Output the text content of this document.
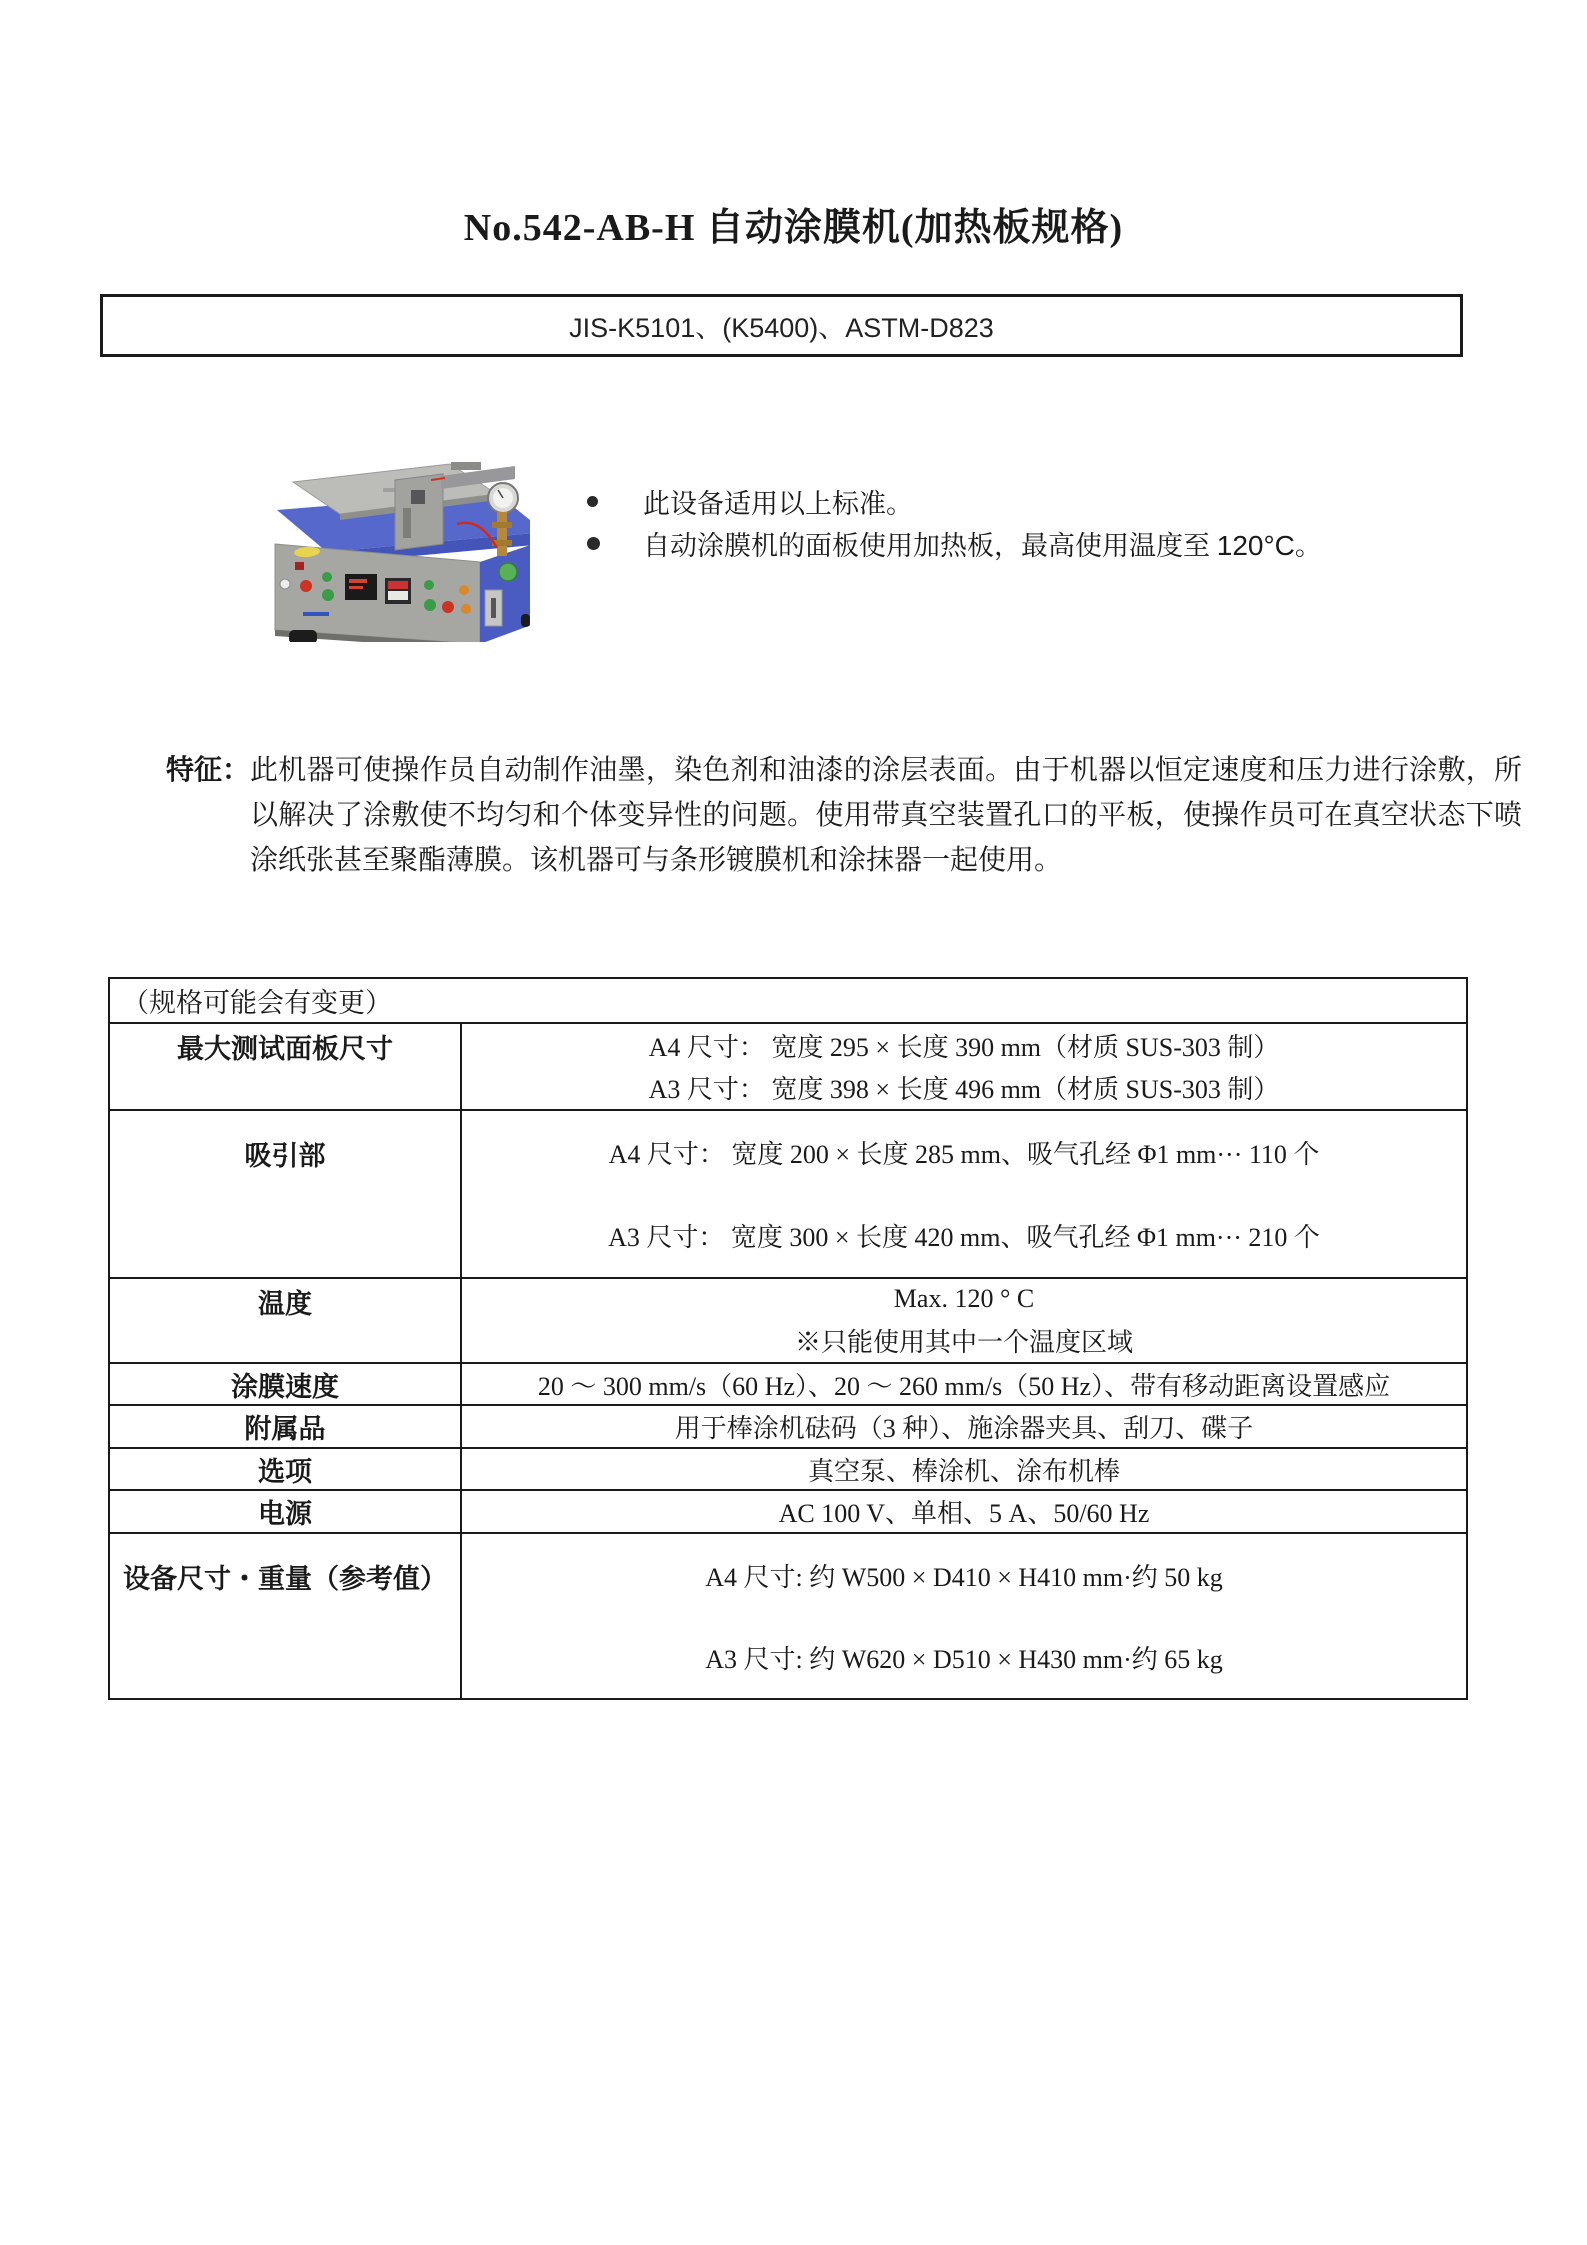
No.542-AB-H 自动涂膜机(加热板规格)
JIS-K5101、(K5400)、ASTM-D823
此设备适用以上标准。
自动涂膜机的面板使用加热板，最高使用温度至 120°C。
特征： 此机器可使操作员自动制作油墨，染色剂和油漆的涂层表面。由于机器以恒定速度和压力进行涂敷，所以解决了涂敷使不均匀和个体变异性的问题。使用带真空装置孔口的平板，使操作员可在真空状态下喷涂纸张甚至聚酯薄膜。该机器可与条形镀膜机和涂抹器一起使用。
（规格可能会有变更）
最大测试面板尺寸	A4 尺寸： 宽度 295 × 长度 390 mm（材质 SUS-303 制）
A3 尺寸： 宽度 398 × 长度 496 mm（材质 SUS-303 制）
吸引部	A4 尺寸： 宽度 200 × 长度 285 mm、吸气孔经 Φ1 mm··· 110 个
A3 尺寸： 宽度 300 × 长度 420 mm、吸气孔经 Φ1 mm··· 210 个
温度	Max. 120 ° C
※只能使用其中一个温度区域
涂膜速度	20 ～ 300 mm/s（60 Hz）、20 ～ 260 mm/s（50 Hz）、带有移动距离设置感应
附属品	用于棒涂机砝码（3 种）、施涂器夹具、刮刀、碟子
选项	真空泵、棒涂机、涂布机棒
电源	AC 100 V、单相、5 A、50/60 Hz
设备尺寸・重量（参考值）	A4 尺寸: 约 W500 × D410 × H410 mm·约 50 kg
A3 尺寸: 约 W620 × D510 × H430 mm·约 65 kg
